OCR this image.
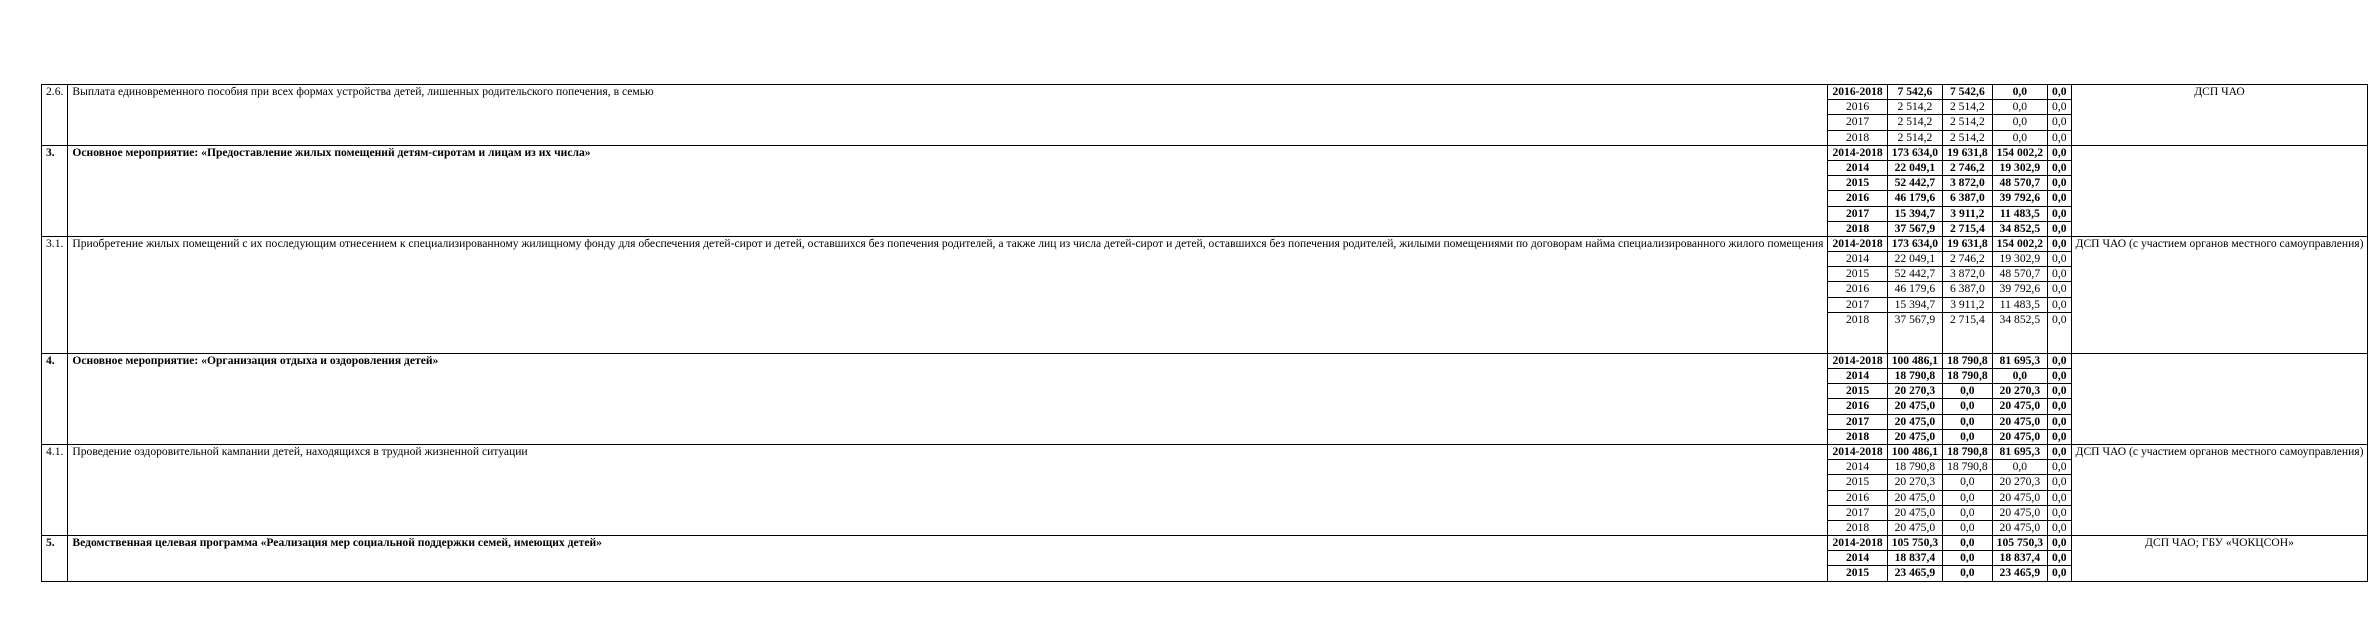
2.6.	Выплата единовременного пособия при всех формах устройства детей, лишенных родительского попечения, в семью	2016-2018	7 542,6	7 542,6	0,0	0,0	ДСП ЧАО
		2016	2 514,2	2 514,2	0,0	0,0	
		2017	2 514,2	2 514,2	0,0	0,0	
		2018	2 514,2	2 514,2	0,0	0,0	
3.	Основное мероприятие: «Предоставление жилых помещений детям-сиротам и лицам из их числа»	2014-2018	173 634,0	19 631,8	154 002,2	0,0	
		2014	22 049,1	2 746,2	19 302,9	0,0	
		2015	52 442,7	3 872,0	48 570,7	0,0	
		2016	46 179,6	6 387,0	39 792,6	0,0	
		2017	15 394,7	3 911,2	11 483,5	0,0	
		2018	37 567,9	2 715,4	34 852,5	0,0	
3.1.	Приобретение жилых помещений с их последующим отнесением к специализированному жилищному фонду для обеспечения детей-сирот и детей, оставшихся без попечения родителей, а также лиц из числа детей-сирот и детей, оставшихся без попечения родителей, жилыми помещениями по договорам найма специализированного жилого помещения	2014-2018	173 634,0	19 631,8	154 002,2	0,0	ДСП ЧАО (с участием органов местного самоуправления)
		2014	22 049,1	2 746,2	19 302,9	0,0	
		2015	52 442,7	3 872,0	48 570,7	0,0	
		2016	46 179,6	6 387,0	39 792,6	0,0	
		2017	15 394,7	3 911,2	11 483,5	0,0	
		2018	37 567,9	2 715,4	34 852,5	0,0	
4.	Основное мероприятие: «Организация отдыха и оздоровления детей»	2014-2018	100 486,1	18 790,8	81 695,3	0,0	
		2014	18 790,8	18 790,8	0,0	0,0	
		2015	20 270,3	0,0	20 270,3	0,0	
		2016	20 475,0	0,0	20 475,0	0,0	
		2017	20 475,0	0,0	20 475,0	0,0	
		2018	20 475,0	0,0	20 475,0	0,0	
4.1.	Проведение оздоровительной кампании детей, находящихся в трудной жизненной ситуации	2014-2018	100 486,1	18 790,8	81 695,3	0,0	ДСП ЧАО (с участием органов местного самоуправления)
		2014	18 790,8	18 790,8	0,0	0,0	
		2015	20 270,3	0,0	20 270,3	0,0	
		2016	20 475,0	0,0	20 475,0	0,0	
		2017	20 475,0	0,0	20 475,0	0,0	
		2018	20 475,0	0,0	20 475,0	0,0	
5.	Ведомственная целевая программа «Реализация мер социальной поддержки семей, имеющих детей»	2014-2018	105 750,3	0,0	105 750,3	0,0	ДСП ЧАО; ГБУ «ЧОКЦСОН»
		2014	18 837,4	0,0	18 837,4	0,0	
		2015	23 465,9	0,0	23 465,9	0,0	
